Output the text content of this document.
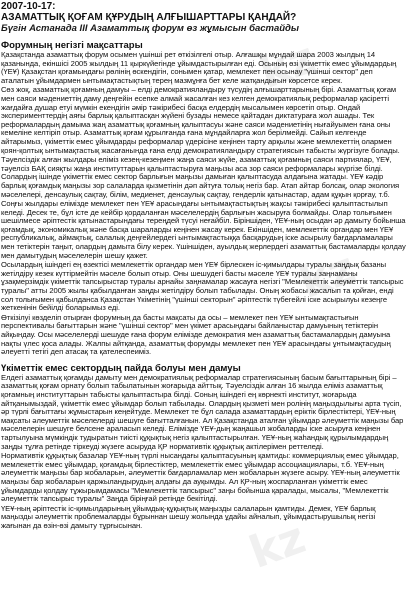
kz
kz
kz
2007-10-17:
АЗАМАТТЫҚ ҚОҒАМ ҚҰРУДЫҢ АЛҒЫШАРТТАРЫ ҚАНДАЙ?
Бүгін Астанада III Азаматтық форум өз жұмысын бастайды
Форумның негізгі мақсаттары

Қазақстанда азаматтық форум осымен үшінші рет өткізілгелі отыр. Алғашқы мұндай шара 2003 жылдың 14 қазанында, екіншісі 2005 жылдың 11 қыркүйегінде ұйымдастырылған еді. Осының өзі үкіметтік емес ұйымдардың (ҮЕҰ) Қазақстан қоғамындағы рөлінің өскендігін, сонымен қатар, мемлекет пен осынау "үшінші сектор" деп аталатын ұйымдармен ынтымақтастықтың терең мазмұнға бет келе жатқандығын көрсетсе керек.

Сөз жоқ, азаматтық қоғамның дамуы – елді демократияландыру түсудің алғышарттарының бірі. Азаматтық қоғам мен саяси мәдениеттің даму деңгейін есепке алмай жасалған кез келген демократиялық реформалар қасіретті жағдайға душар етуі мүмкін екендігін әмір тәжірибесі басқа елдердің мысалымен көрсетіп отыр. Ондай эксперименттердің аяғы барлық қалыптасқан жүйені бузады немесе қайтадан диктатураға жол ашады. Тек реформалардың дамыма жаң азаматтық қоғамның қалыптасуы және саяси мәдениетінің нығайуымен ғана оны кемеліне келтіріп отыр. Азаматтық қоғам құрылғанда ғана мұндайларға жол берілмейді. Сайып келгенде айтарымыз, үкіметтік емес ұйымдарды реформалар үдерісіне кеңінен тарту арқылы және мемлекеттің олармен қоян-қолтық ынтымақтастық жасағанында ғана елді демократияландыру стратегиясын табысты жүргізуге болады.

Тәуелсіздік алған жылдары еліміз кезең-кезеңмен жаңа саяси жүйе, азаматтық қоғамның саяси партиялар, ҮЕҰ, тәуелсіз БАҚ сияқты жаңа институттарын қалыптастыруға маңызы аса зор саяси реформалары жүргізе білді. Солардың ішінде үкіметтік емес сектор барлығын маңызы дамыған қалыптасуда алдағына жатады. ҮЕҰ кәдір барлық қоғамдық маңызы зор салаларда қызметінін дәп айтуға толық негіз бар. Атап айтар болсақ, олар экология мәселелері, денсаулық сақтау, білім, медиенет, денсаулық сақтау, гендерлік қатынастар, адам құқын қорғау, т.б.

Соңғы жылдары елімізде мемлекет пен ҮЕҰ арасындағы ынтымақтастықтың жақсы тәжірибесі қалыптастылып келеді. Десек те, бұл істе де кейбір қордаланған мәселелердің барлығын жасыруға болмайды. Олар толығымен шешілмесе әріптестік қатынастарындағы тереңдей түсуі неғайбіл. Біріншіден, ҮЕҰ-ның осыдан әр дамыту бойынша қоғамдық, экономикалық және басқа шараларды кеңінен жасау керек. Екіншіден, мемлекеттік органдар мен ҮЕҰ республикалық, аймақтық, салалық деңгейлердегі ынтымақтастыққа басқарудың іске асырылу бағдарламалары мен тетіктерін таңыт, олардың дамыта білу керек. Үшіншіден, ауылдық жерлердегі азаматтық бастамаларды қолдау мен дамытудың мәселелерін шешу қажет.

Осылардың ішіндегі ең өзектісі мемлекеттік органдар мен ҮЕҰ бірлескен іс-қимылдары туралы заңдық базаны жетілдіру кезек күттірмейтін мәселе болып отыр. Оны шешудегі басты мәселе ҮЕҰ туралы заңнаманы ұзақмерзімдік үкіметтік тапсырыстар туралы арнайы заңнамалар жасауға негізгі "Мемлекеттік әлеуметтік тапсырыс туралы" атты 2005 жылы қабылданған заңды жетілдіру болып табылады. Оның жобасы жасалып та қойған, енді сол толығымен қабылданса Қазақстан Үкіметінің "үшінші секторын" әріптестік түбегейлі іске асырылуы кезеңге жеткенінін бейілді боларымыз еді.

Өткізілуі көзделіп отырған форумның да басты мақсаты да осы – мемлекет пен ҮЕҰ ынтымақтастығын перспективалы бағыттарын және "үшінші сектор" мен үкімет арасындағы байланыстар дамуының тетіктерін айқындау. Осы мәселелерді шешуде ғана форум елімізде демократия мен азаматтық бастамалардың дамуына нақты үлес қоса алады. Жалпы айтқанда, азаматтық форумды мемлекет пен ҮЕҰ арасындағы ұнтымақтасудың әлеуетті тетігі деп атасақ та қателеспеиміз.

Үкіметтік емес сектордың пайда болуы мен дамуы

Елдегі азаматтық қоғамды дамыту мен демократиялық реформалар стратегиясының басым бағыттарының бірі – азаматтық қоғам орнату болып табылатынын жоғарыда айттық. Тәуелсіздік алған 16 жылда еліміз азаматтық қоғамның институттарын табысты қалыптастыра білді. Соның ішіндегі ең көрнекті институт, жоғарыда айтқанымыздай, үкіметтік емес ұйымдар болып табылады. Олардың қызметі мен ролінің маңыздылығы арта түсіп, әр түрлі бағыттағы жұмыстарын кеңейтуде. Мемлекет те бұл салада азаматтардың еріктік бірлестіктері, ҮЕҰ-ның мақсаты әлеуметтік мәселелерді шешуге бағытталғанын. Ал Қазақстанда аталған ұйымдар әлеуметтік маңызы бар мәселелерін шешуге белсене араласып келеді. Елімізде ҮЕҰ-дың жаңашыл жобаларды іске асыруға кеңінен тартылуына мүмкіндік тудыратын тиісті құқықтық негіз қалыптастырылған. ҮЕҰ-ның жаһандық құрылымдардың заңды тұлға ретінде тіркеуді жүзеге асыруда ҚР нормативтік құқықтық актілерімен реттеледі.

Нормативтік құқықтық базалар ҮЕҰ-ның түрлі нысандағы қалыптасуының қамтиды: коммерциялық емес ұйымдар, мемлекеттік емес ұйымдар, қоғамдық бірлестіктер, мемлекеттік емес ұйымдар ассоциациялары, т.б. ҮЕҰ-ның әлеуметтік маңызы бар жобаларын, әлеуметтік бағдарламалар мен жобаларын жүзеге асыру. ҮЕҰ-ның әлеуметтік маңызы бар жобаларын қаржыландырудың алдағы да ауқымды. Ал ҚР-ның жоспарланған үкіметтік емес ұйымдарды қолдау тұжырымдамасы "Мемлекеттік тапсырыс" заңы бойынша қаралады, мысалы, "Мемлекеттік әлеуметтік тапсырыс туралы" Заңда біріңғай ретінде бекітілді.

ҮЕҰ-ның әріптестік іс-қимылдарының ұйымдық-құқықтық маңызды салаларын қамтиды. Демек, ҮЕҰ барлық маңызды әлеуметтік проблемаларды бұрыннан шешу жолында ұдайы айналып, ұйымдастырушылық негізі жағынан да өзін-өзі дамыту тұрғысынан.
